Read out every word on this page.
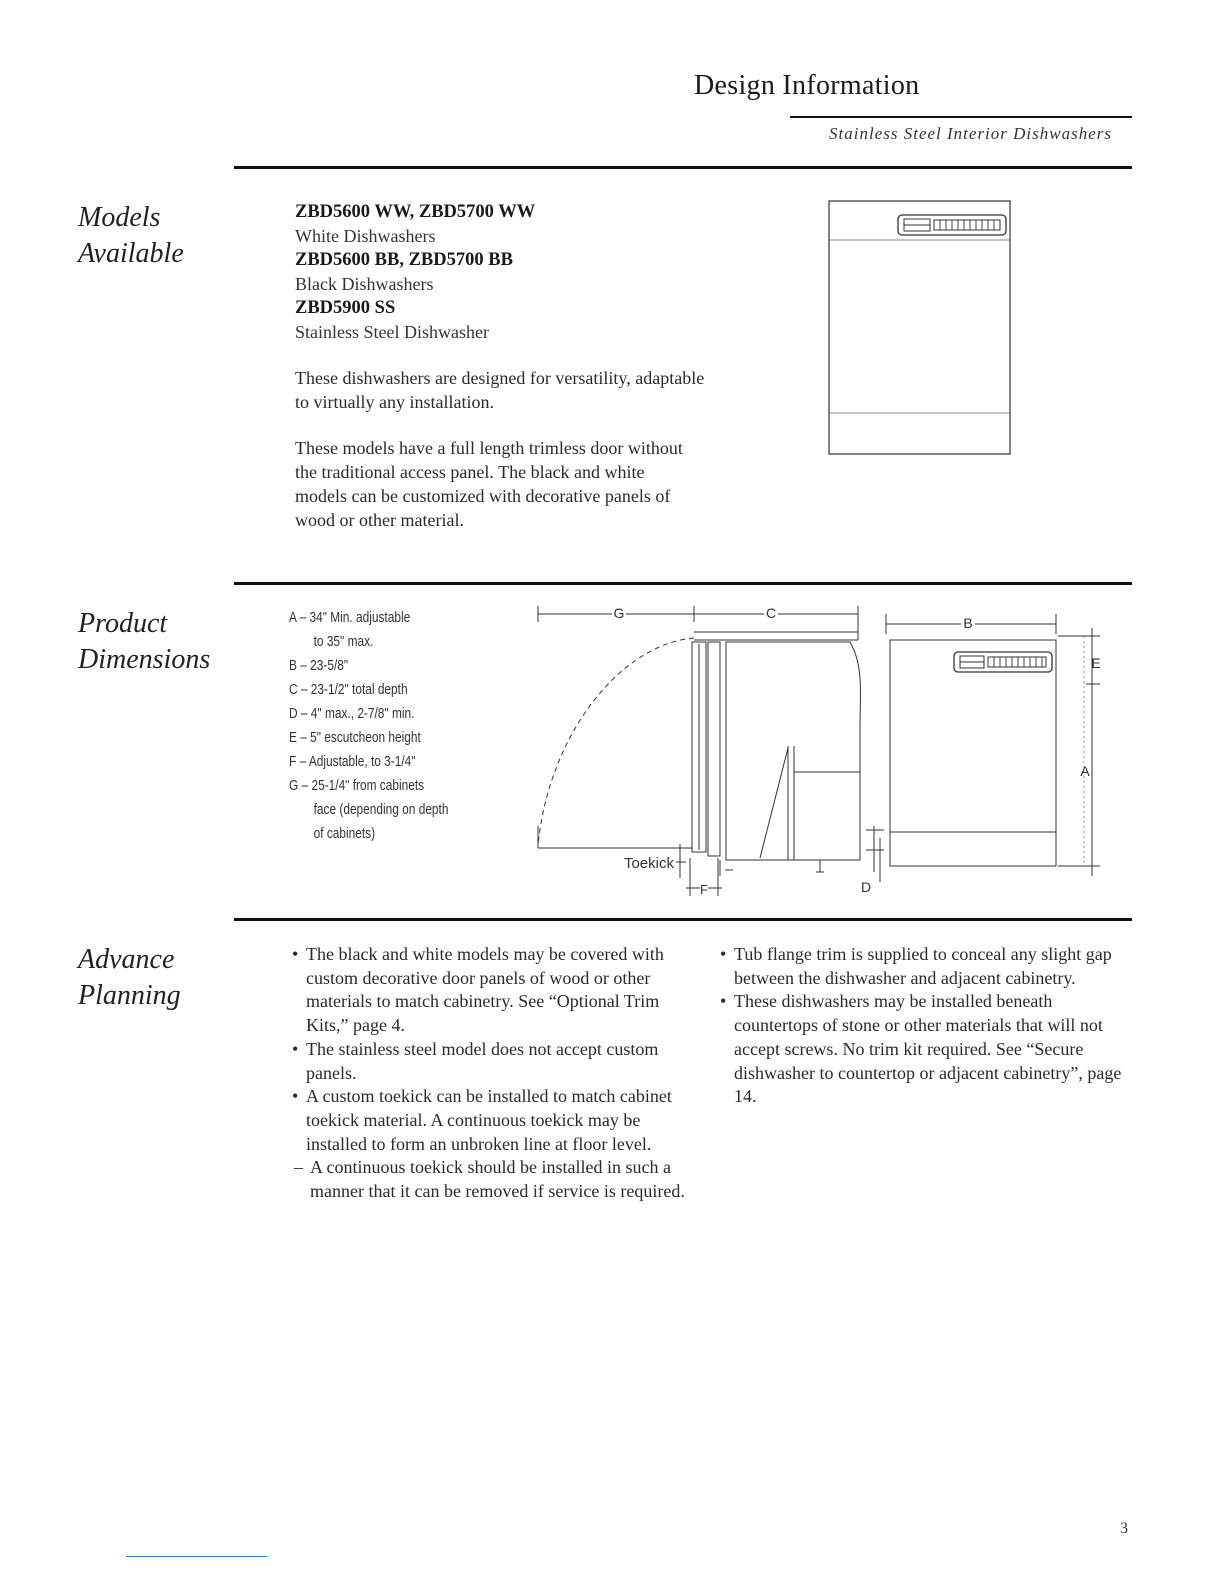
Design Information
Stainless Steel Interior Dishwashers
Models
Available
ZBD5600 WW, ZBD5700 WW
White Dishwashers
ZBD5600 BB, ZBD5700 BB
Black Dishwashers
ZBD5900 SS
Stainless Steel Dishwasher
These dishwashers are designed for versatility, adaptable to virtually any installation.
These models have a full length trimless door without the traditional access panel. The black and white models can be customized with decorative panels of wood or other material.
Product
Dimensions
A – 34" Min. adjustable
to 35" max.
B – 23-5/8"
C – 23-1/2" total depth
D – 4" max., 2-7/8" min.
E – 5" escutcheon height
F – Adjustable, to 3-1/4"
G – 25-1/4" from cabinets
face (depending on depth
of cabinets)
G	C
B
E
A
D
F
Toekick
Advance
Planning
• The black and white models may be covered with custom decorative door panels of wood or other materials to match cabinetry. See “Optional Trim Kits,” page 4.
• The stainless steel model does not accept custom panels.
• A custom toekick can be installed to match cabinet toekick material. A continuous toekick may be installed to form an unbroken line at floor level.
– A continuous toekick should be installed in such a manner that it can be removed if service is required.
• Tub flange trim is supplied to conceal any slight gap between the dishwasher and adjacent cabinetry.
• These dishwashers may be installed beneath countertops of stone or other materials that will not accept screws. No trim kit required. See “Secure dishwasher to countertop or adjacent cabinetry”, page 14.
3
